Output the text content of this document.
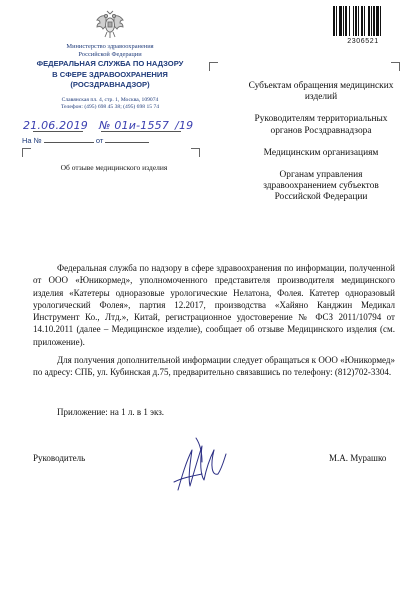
Министерство здравоохранения
Российской Федерации
ФЕДЕРАЛЬНАЯ СЛУЖБА ПО НАДЗОРУ
В СФЕРЕ ЗДРАВООХРАНЕНИЯ
(РОСЗДРАВНАДЗОР)
Славянская пл. 4, стр. 1, Москва, 109074
Телефон: (495) 698 45 38; (495) 698 15 74
21.06.2019 № 01и-1557 /19
На №	от
Об отзыве медицинского изделия
2306521

Субъектам обращения медицинских изделий

Руководителям территориальных органов Росздравнадзора

Медицинским организациям

Органам управления здравоохранением субъектов Российской Федерации

Федеральная служба по надзору в сфере здравоохранения по информации, полученной от ООО «Юникормед», уполномоченного представителя производителя медицинского изделия «Катетеры одноразовые урологические Нелатона, Фолея. Катетер одноразовый урологический Фолея», партия 12.2017, производства «Хайяно Канджин Медикал Инструмент Ко., Лтд.», Китай, регистрационное удостоверение № ФСЗ 2011/10794 от 14.10.2011 (далее – Медицинское изделие), сообщает об отзыве Медицинского изделия (см. приложение).

Для получения дополнительной информации следует обращаться к ООО «Юникормед» по адресу: СПБ, ул. Кубинская д.75, предварительно связавшись по телефону: (812)702-3304.

Приложение: на 1 л. в 1 экз.
Руководитель	М.А. Мурашко
